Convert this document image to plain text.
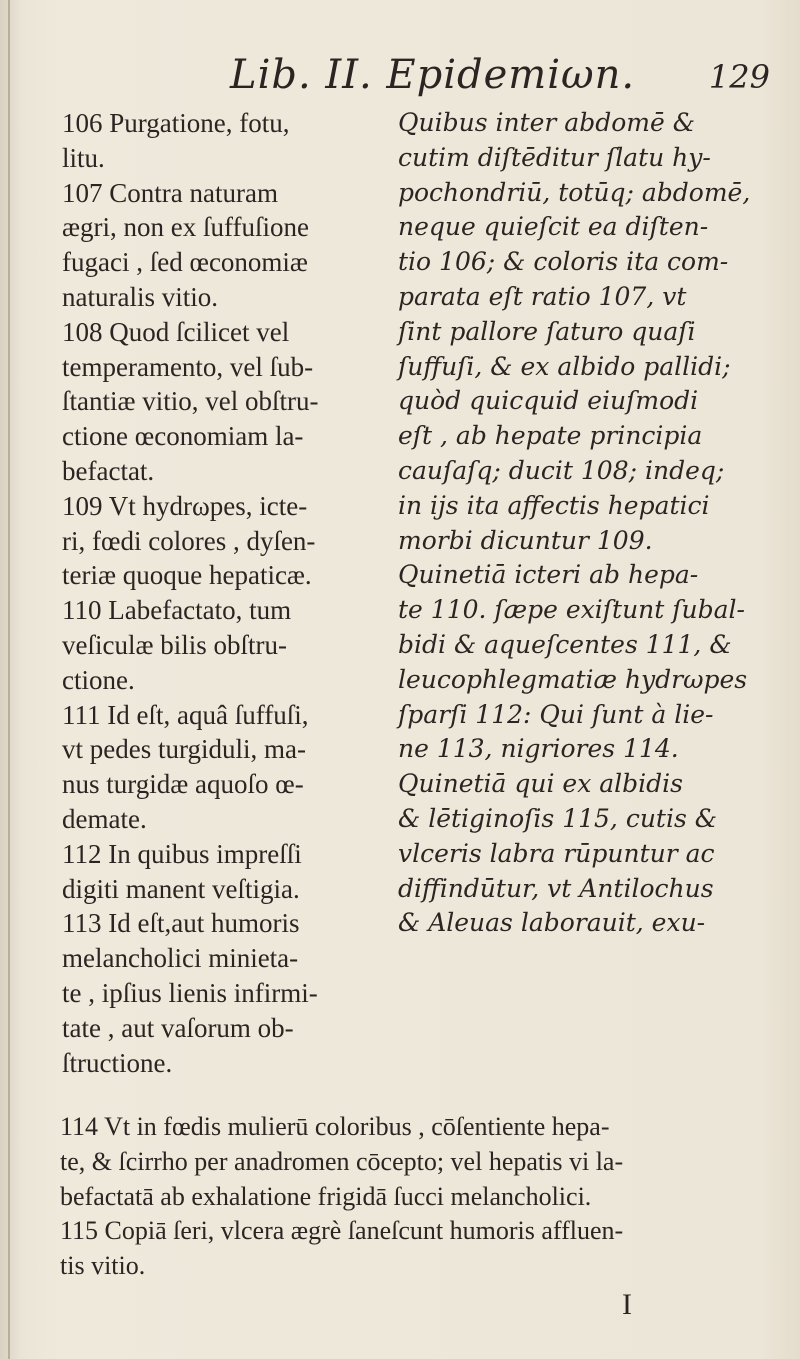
Lib. II. Epidemiωn. 129
106 Purgatione, fotu,
litu.
107 Contra naturam
ægri, non ex ſuffuſione
fugaci , ſed œconomiæ
naturalis vitio.
108 Quod ſcilicet vel
temperamento, vel ſub-
ſtantiæ vitio, vel obſtru-
ctione œconomiam la-
befactat.
109 Vt hydrωpes, icte-
ri, fœdi colores , dyſen-
teriæ quoque hepaticæ.
110 Labefactato, tum
veſiculæ bilis obſtru-
ctione.
111 Id eſt, aquâ ſuffuſi,
vt pedes turgiduli, ma-
nus turgidæ aquoſo œ-
demate.
112 In quibus impreſſi
digiti manent veſtigia.
113 Id eſt,aut humoris
melancholici minieta-
te , ipſius lienis infirmi-
tate , aut vaſorum ob-
ſtructione.
Quibus inter abdomē &
cutim diſtēditur ſlatu hy-
pochondriū, totūq; abdomē,
neque quieſcit ea diſten-
tio 106; & coloris ita com-
parata eſt ratio 107, vt
ſint pallore ſaturo quaſi
ſuffuſi, & ex albido pallidi;
quòd quicquid eiuſmodi
eſt , ab hepate principia
cauſaſq; ducit 108; indeq;
in ijs ita affectis hepatici
morbi dicuntur 109.
Quinetiā icteri ab hepa-
te 110. ſæpe exiſtunt ſubal-
bidi & aqueſcentes 111, &
leucophlegmatiæ hydrωpes
ſparſi 112: Qui ſunt à lie-
ne 113, nigriores 114.
Quinetiā qui ex albidis
& lētiginoſis 115, cutis &
vlceris labra rūpuntur ac
diffindūtur, vt Antilochus
& Aleuas laborauit, exu-
114 Vt in fœdis mulierū coloribus , cōſentiente hepa-
te, & ſcirrho per anadromen cōcepto; vel hepatis vi la-
befactatā ab exhalatione frigidā ſucci melancholici.
115 Copiā ſeri, vlcera ægrè ſaneſcunt humoris affluen-
tis vitio.
I
